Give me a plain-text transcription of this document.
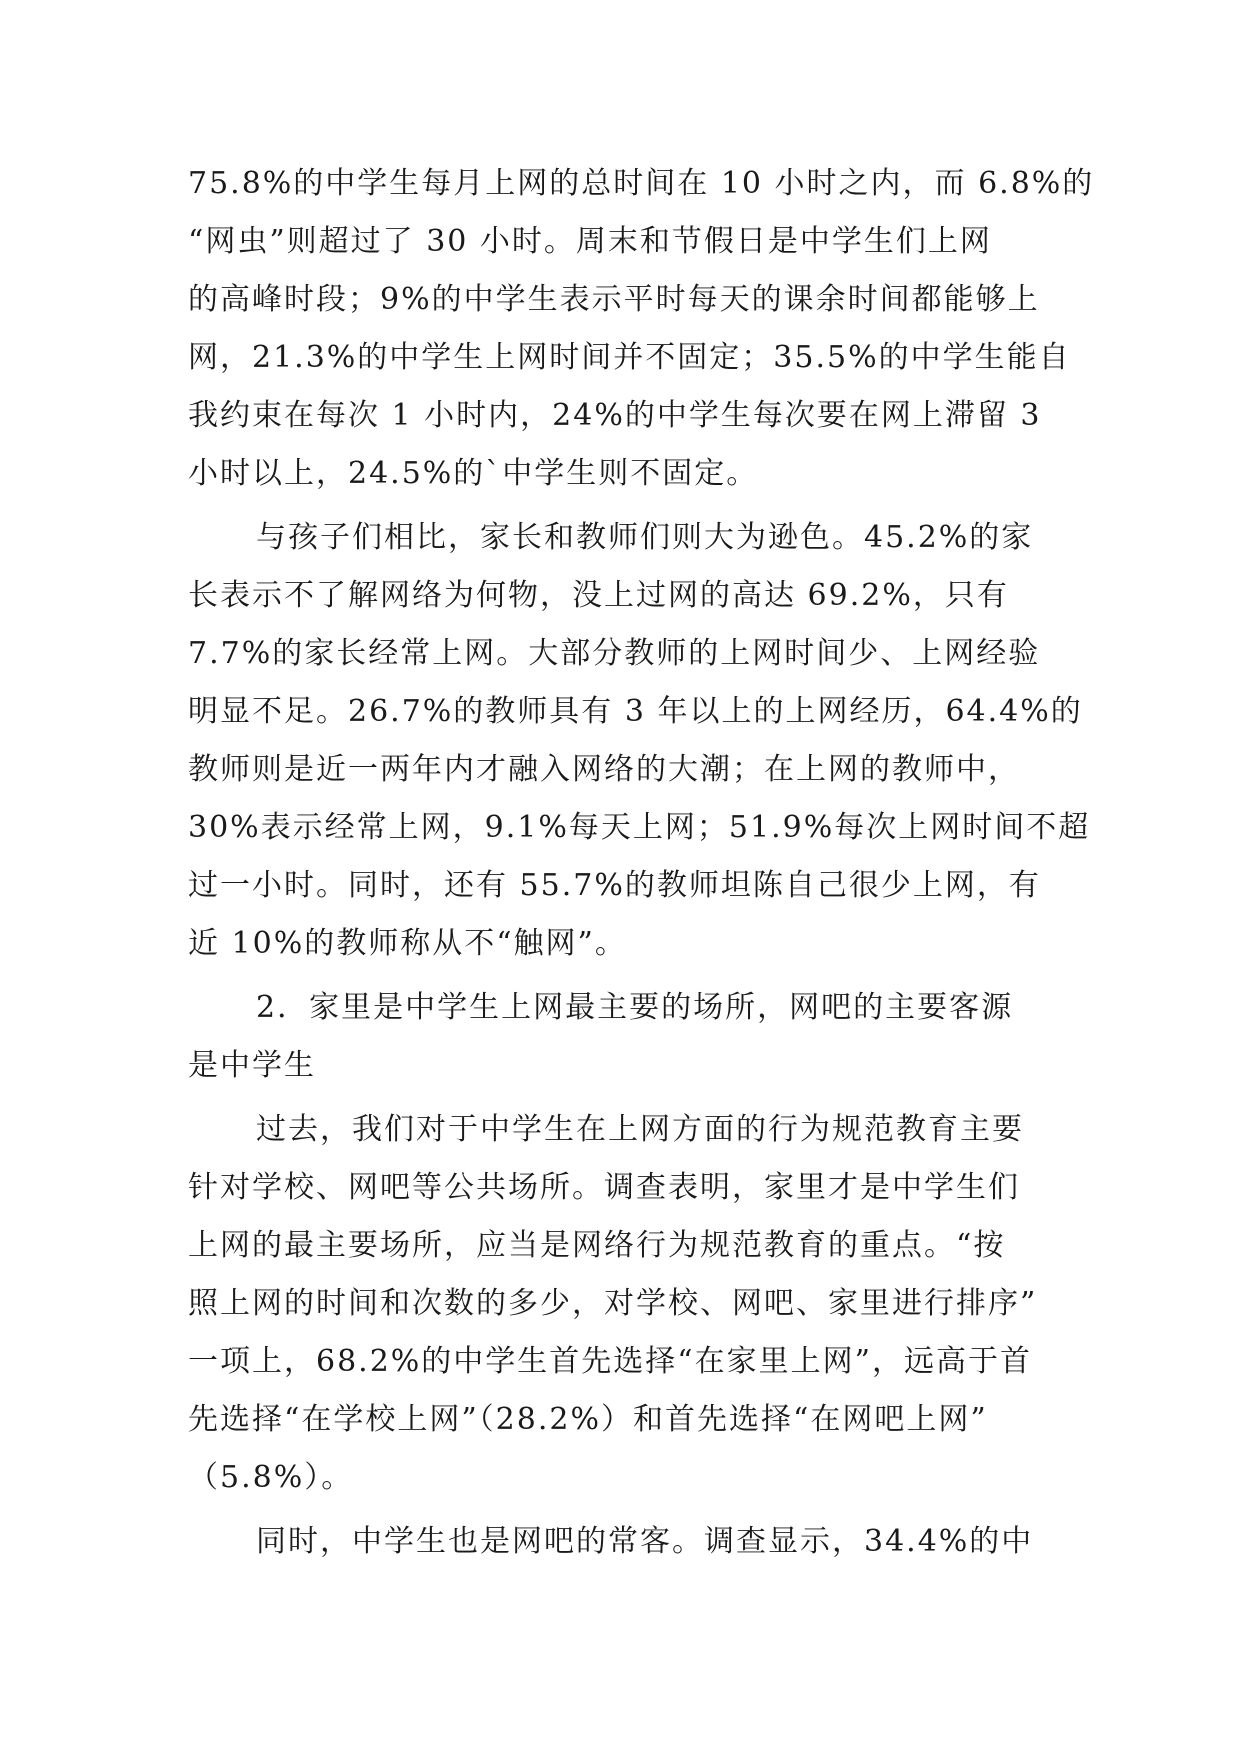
75.8%的中学生每月上网的总时间在 10 小时之内，而 6.8%的
“网虫”则超过了 30 小时。周末和节假日是中学生们上网
的高峰时段；9%的中学生表示平时每天的课余时间都能够上
网，21.3%的中学生上网时间并不固定；35.5%的中学生能自
我约束在每次 1 小时内，24%的中学生每次要在网上滞留 3
小时以上，24.5%的`中学生则不固定。
与孩子们相比，家长和教师们则大为逊色。45.2%的家
长表示不了解网络为何物，没上过网的高达 69.2%，只有
7.7%的家长经常上网。大部分教师的上网时间少、上网经验
明显不足。26.7%的教师具有 3 年以上的上网经历，64.4%的
教师则是近一两年内才融入网络的大潮；在上网的教师中，
30%表示经常上网，9.1%每天上网；51.9%每次上网时间不超
过一小时。同时，还有 55.7%的教师坦陈自己很少上网，有
近 10%的教师称从不“触网”。
2．家里是中学生上网最主要的场所，网吧的主要客源
是中学生
过去，我们对于中学生在上网方面的行为规范教育主要
针对学校、网吧等公共场所。调查表明，家里才是中学生们
上网的最主要场所，应当是网络行为规范教育的重点。“按
照上网的时间和次数的多少，对学校、网吧、家里进行排序”
一项上，68.2%的中学生首先选择“在家里上网”，远高于首
先选择“在学校上网”（28.2%）和首先选择“在网吧上网”
（5.8%）。
同时，中学生也是网吧的常客。调查显示，34.4%的中
